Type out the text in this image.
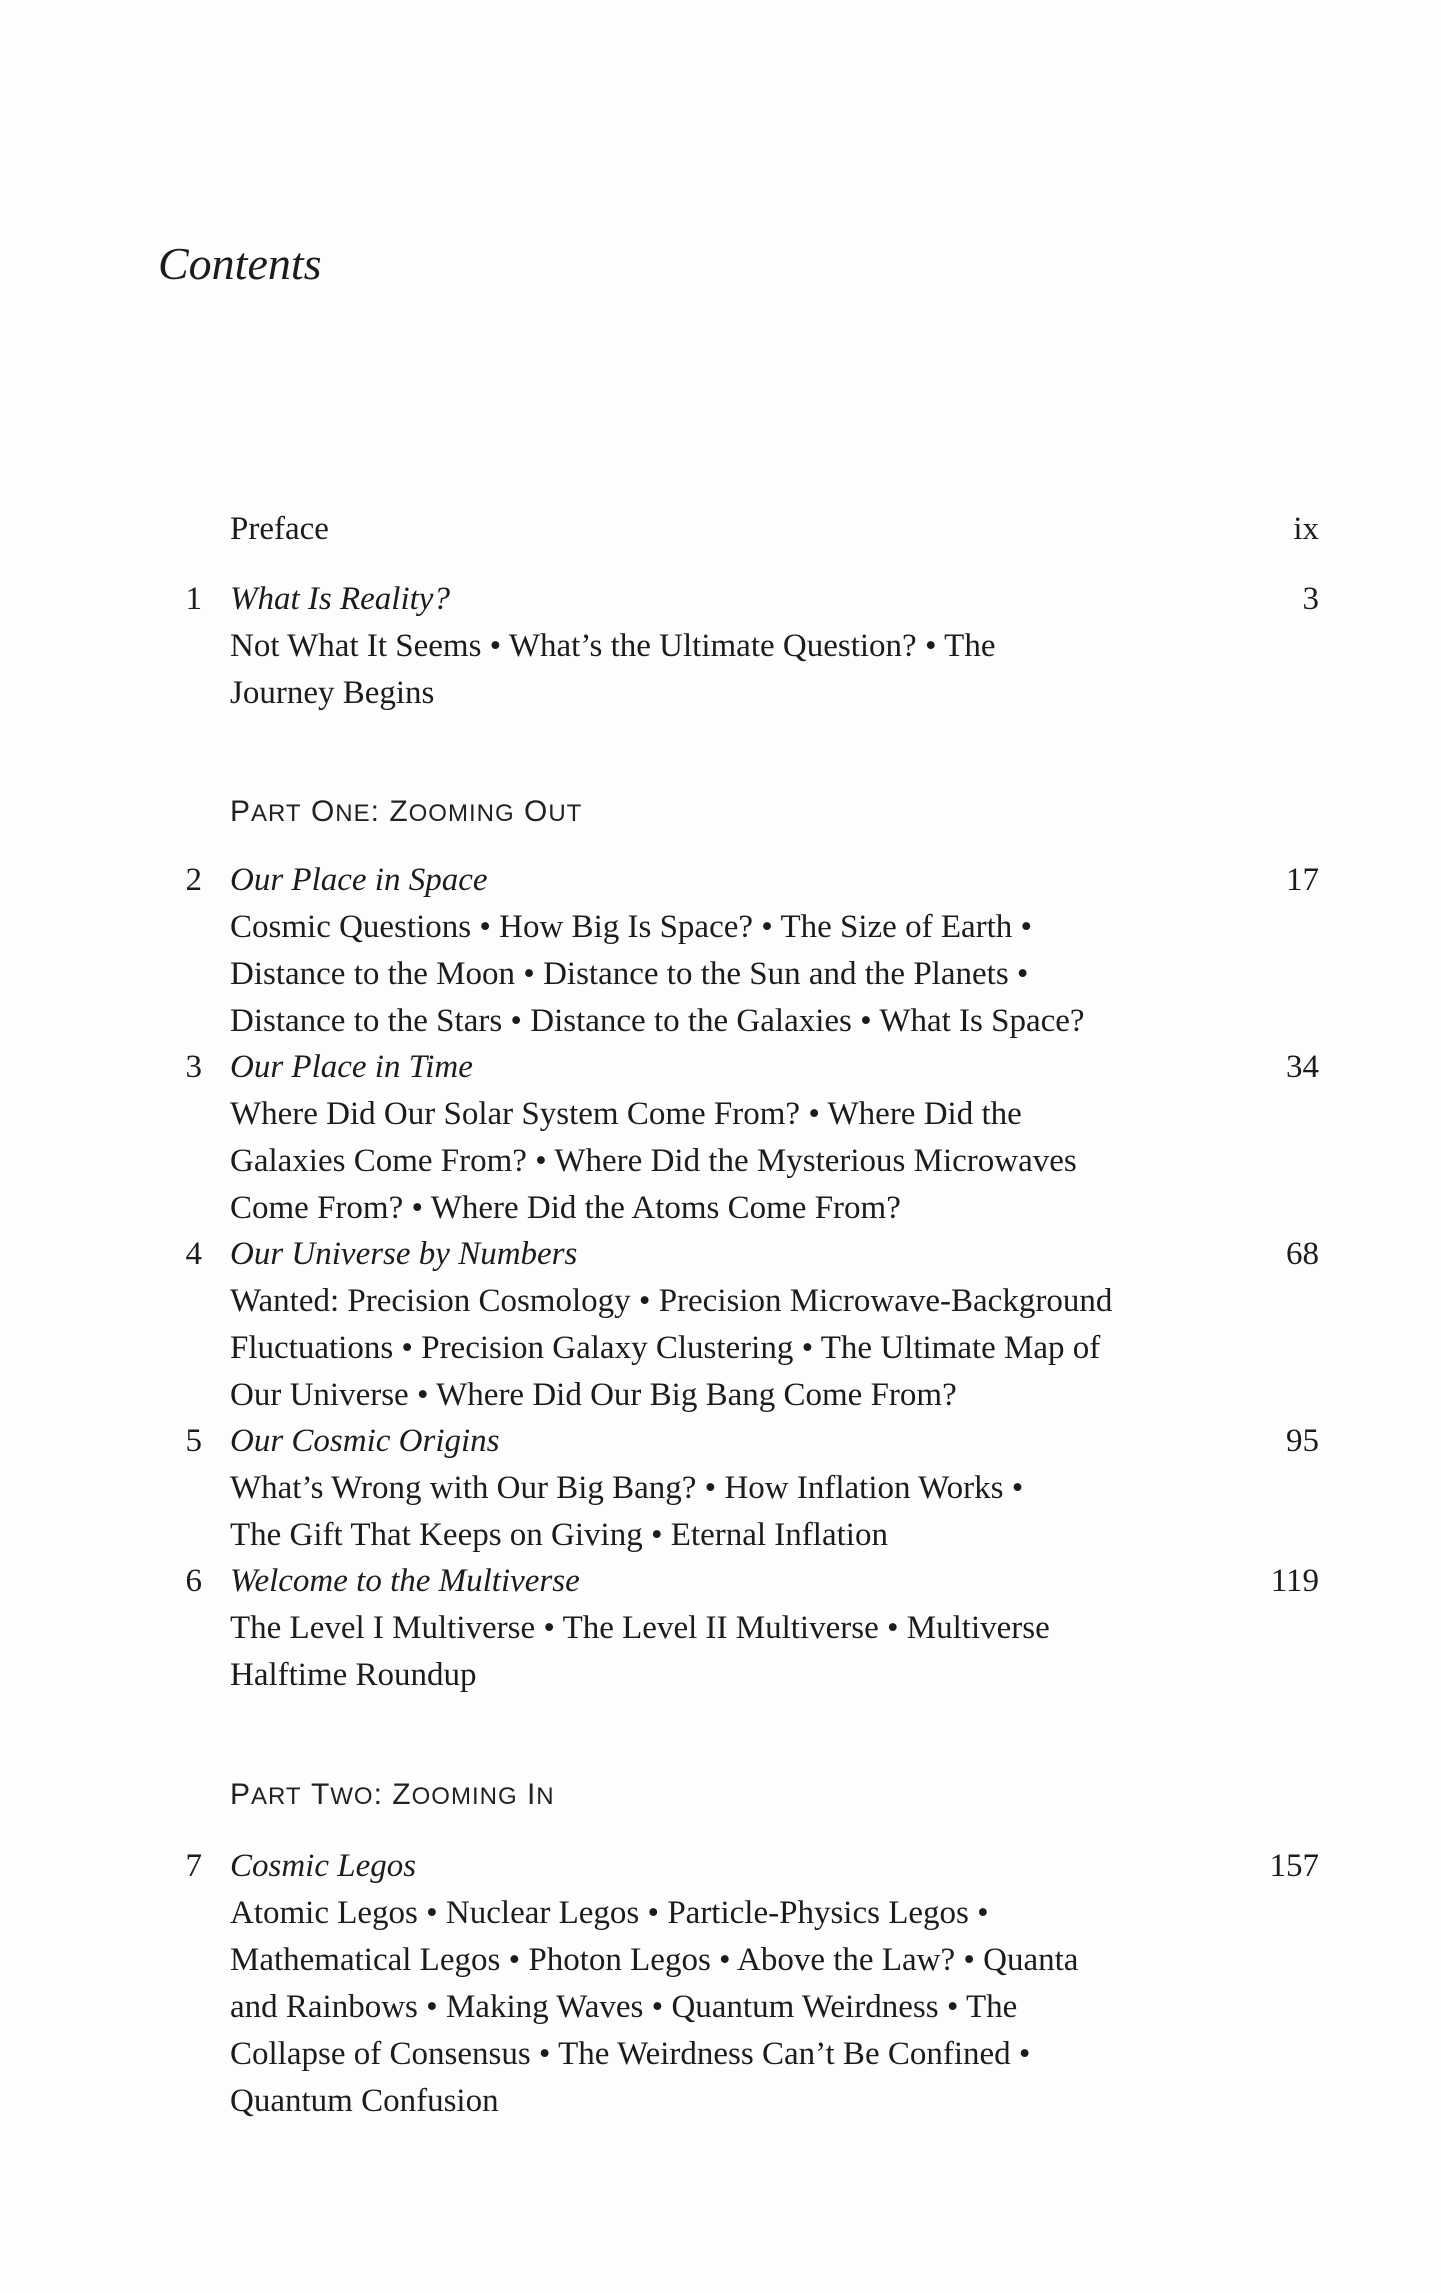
Contents
Preface	ix
1 What Is Reality?	3
Not What It Seems • What’s the Ultimate Question? • The
Journey Begins
PART ONE: ZOOMING OUT
2 Our Place in Space	17
Cosmic Questions • How Big Is Space? • The Size of Earth •
Distance to the Moon • Distance to the Sun and the Planets •
Distance to the Stars • Distance to the Galaxies • What Is Space?
3 Our Place in Time	34
Where Did Our Solar System Come From? • Where Did the
Galaxies Come From? • Where Did the Mysterious Microwaves
Come From? • Where Did the Atoms Come From?
4 Our Universe by Numbers	68
Wanted: Precision Cosmology • Precision Microwave-Background
Fluctuations • Precision Galaxy Clustering • The Ultimate Map of
Our Universe • Where Did Our Big Bang Come From?
5 Our Cosmic Origins	95
What’s Wrong with Our Big Bang? • How Inflation Works •
The Gift That Keeps on Giving • Eternal Inflation
6 Welcome to the Multiverse	119
The Level I Multiverse • The Level II Multiverse • Multiverse
Halftime Roundup
PART TWO: ZOOMING IN
7 Cosmic Legos	157
Atomic Legos • Nuclear Legos • Particle-Physics Legos •
Mathematical Legos • Photon Legos • Above the Law? • Quanta
and Rainbows • Making Waves • Quantum Weirdness • The
Collapse of Consensus • The Weirdness Can’t Be Confined •
Quantum Confusion
